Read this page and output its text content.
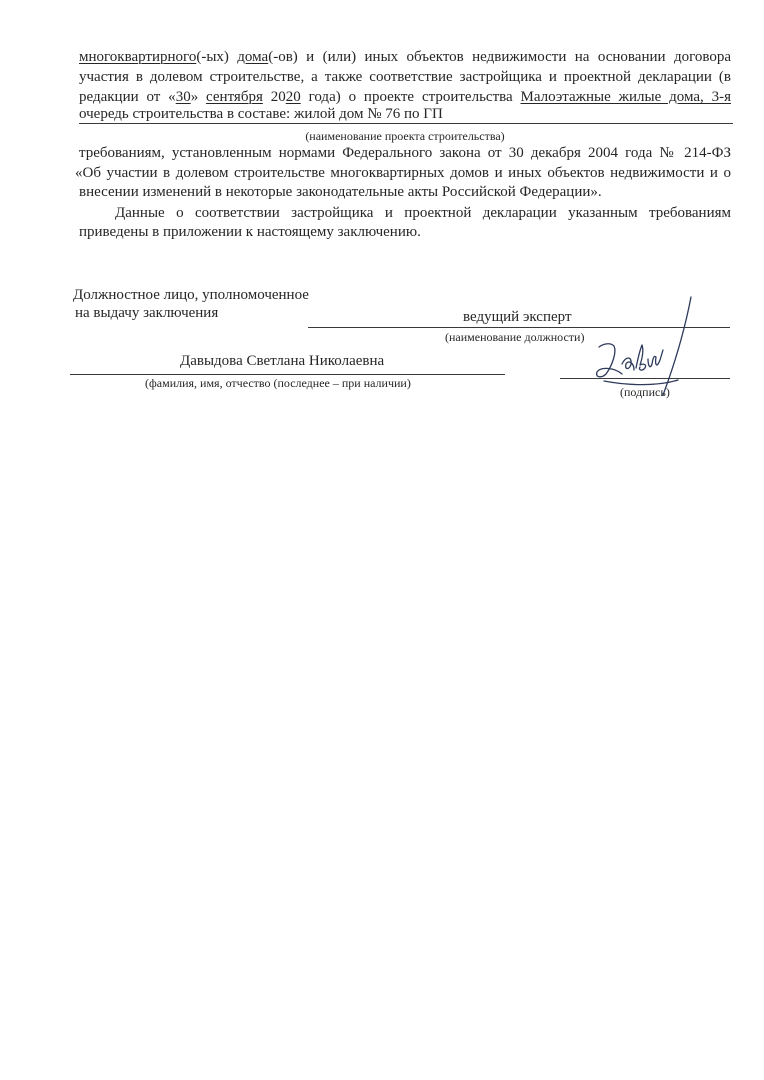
многоквартирного(-ых) дома(-ов) и (или) иных объектов недвижимости на основании договора
участия в долевом строительстве, а также соответствие застройщика и проектной декларации (в
редакции от «30» сентября 2020 года) о проекте строительства Малоэтажные жилые дома, 3-я
очередь строительства в составе: жилой дом № 76 по ГП
(наименование проекта строительства)
требованиям, установленным нормами Федерального закона от 30 декабря 2004 года № 214-ФЗ
«Об участии в долевом строительстве многоквартирных домов и иных объектов недвижимости и о
внесении изменений в некоторые законодательные акты Российской Федерации».
Данные о соответствии застройщика и проектной декларации указанным требованиям
приведены в приложении к настоящему заключению.
Должностное лицо, уполномоченное
на выдачу заключения	ведущий эксперт
(наименование должности)
Давыдова Светлана Николаевна
(фамилия, имя, отчество (последнее – при наличии)
(подпись)
